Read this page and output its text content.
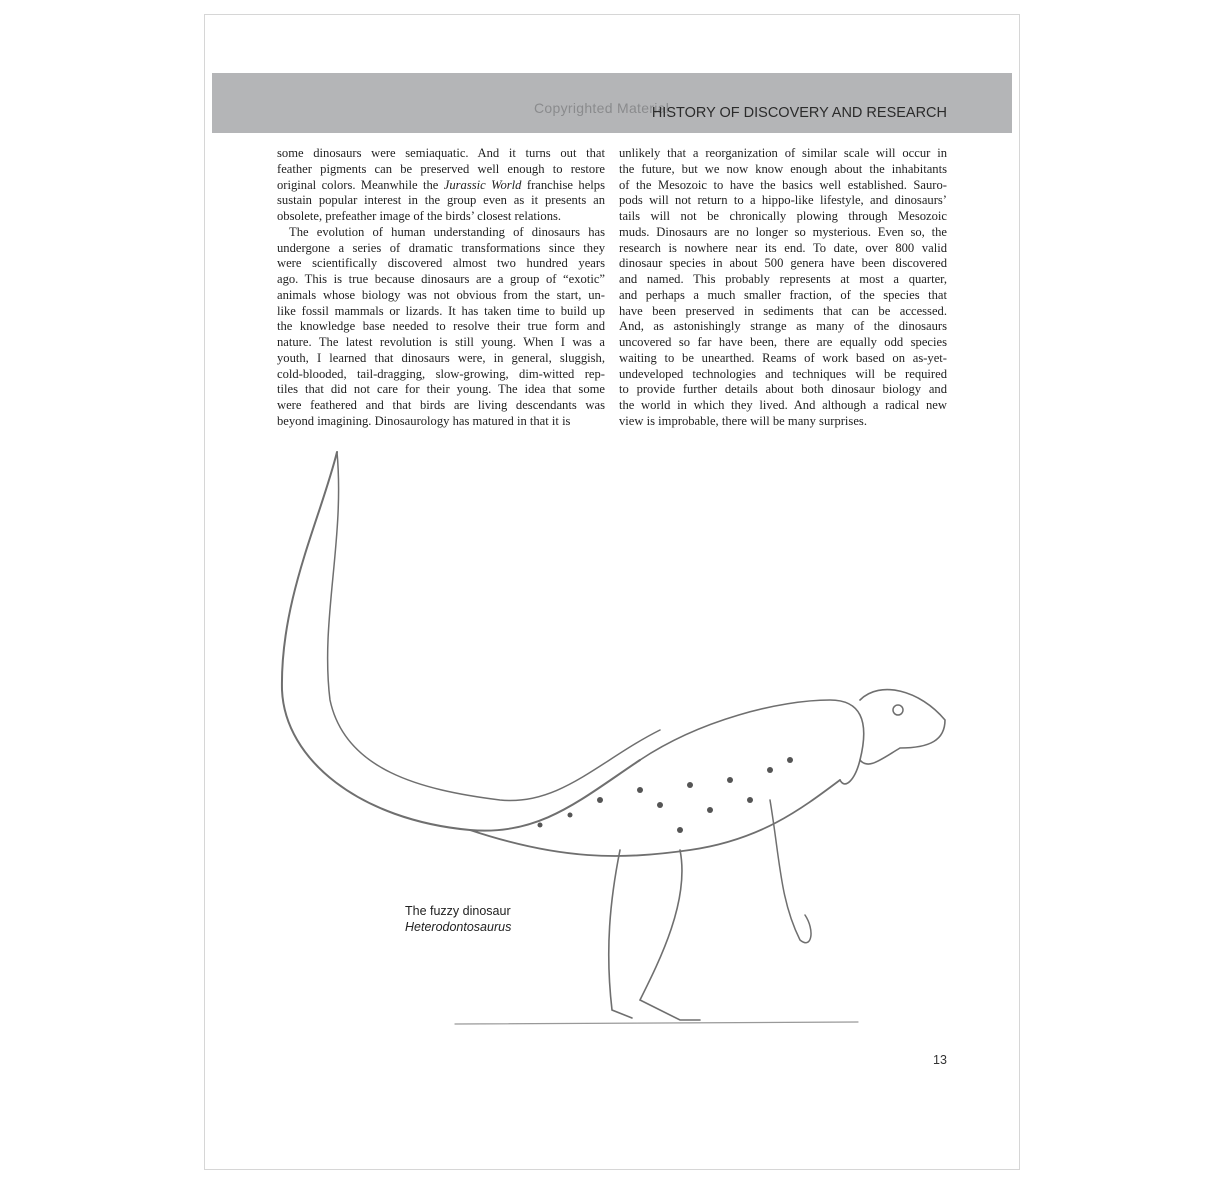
Copyrighted Material
HISTORY OF DISCOVERY AND RESEARCH
some dinosaurs were semiaquatic. And it turns out that
feather pigments can be preserved well enough to restore
original colors. Meanwhile the Jurassic World franchise helps
sustain popular interest in the group even as it presents an
obsolete, prefeather image of the birds’ closest relations.
The evolution of human understanding of dinosaurs has
undergone a series of dramatic transformations since they
were scientifically discovered almost two hundred years
ago. This is true because dinosaurs are a group of “exotic”
animals whose biology was not obvious from the start, un-
like fossil mammals or lizards. It has taken time to build up
the knowledge base needed to resolve their true form and
nature. The latest revolution is still young. When I was a
youth, I learned that dinosaurs were, in general, sluggish,
cold-blooded, tail-dragging, slow-growing, dim-witted rep-
tiles that did not care for their young. The idea that some
were feathered and that birds are living descendants was
beyond imagining. Dinosaurology has matured in that it is
unlikely that a reorganization of similar scale will occur in
the future, but we now know enough about the inhabitants
of the Mesozoic to have the basics well established. Sauro-
pods will not return to a hippo-like lifestyle, and dinosaurs’
tails will not be chronically plowing through Mesozoic
muds. Dinosaurs are no longer so mysterious. Even so, the
research is nowhere near its end. To date, over 800 valid
dinosaur species in about 500 genera have been discovered
and named. This probably represents at most a quarter,
and perhaps a much smaller fraction, of the species that
have been preserved in sediments that can be accessed.
And, as astonishingly strange as many of the dinosaurs
uncovered so far have been, there are equally odd species
waiting to be unearthed. Reams of work based on as-yet-
undeveloped technologies and techniques will be required
to provide further details about both dinosaur biology and
the world in which they lived. And although a radical new
view is improbable, there will be many surprises.
The fuzzy dinosaur
Heterodontosaurus
13
